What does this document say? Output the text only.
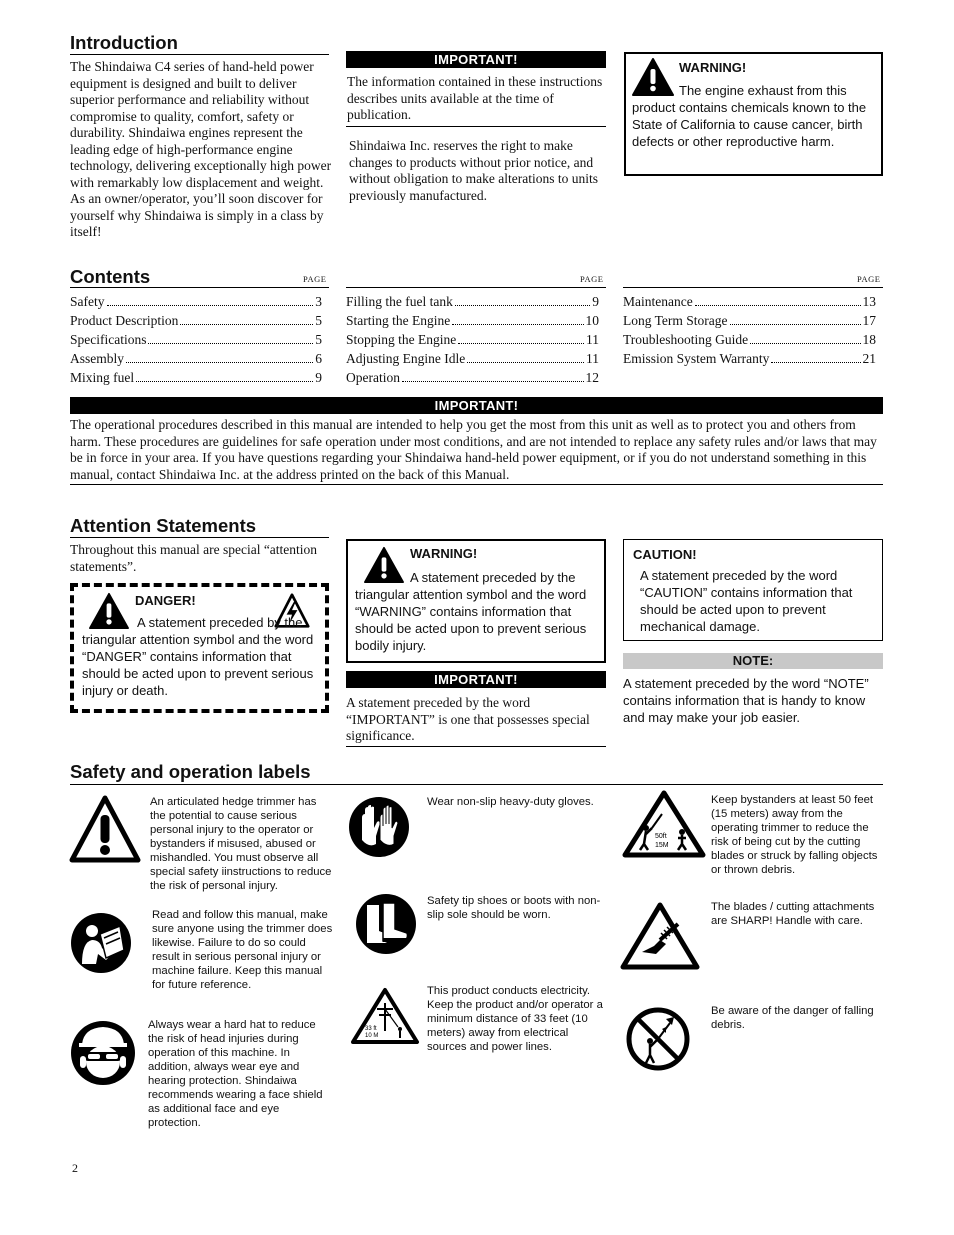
Introduction

The Shindaiwa C4 series of hand-held power equipment is designed and built to deliver superior performance and reliability without compromise to quality, comfort, safety or durability. Shindaiwa engines represent the leading edge of high-performance engine technology, delivering exceptionally high power with remarkably low displacement and weight. As an owner/operator, you’ll soon discover for yourself why Shindaiwa is simply in a class by itself!

IMPORTANT!

The information contained in these instructions describes units available at the time of publication.

Shindaiwa Inc. reserves the right to make changes to products without prior notice, and without obligation to make alterations to units previously manufactured.

WARNING!

The engine exhaust from this product contains chemicals known to the State of California to cause cancer, birth defects or other reproductive harm.

Contents	PAGE	PAGE	PAGE
Safety	3
Product Description	5
Specifications	5
Assembly	6
Mixing fuel	9
Filling the fuel tank	9
Starting the Engine	10
Stopping the Engine	11
Adjusting Engine Idle	11
Operation	12
Maintenance	13
Long Term Storage	17
Troubleshooting Guide	18
Emission System Warranty	21
IMPORTANT!

The operational procedures described in this manual are intended to help you get the most from this unit as well as to protect you and others from harm. These procedures are guidelines for safe operation under most conditions, and are not intended to replace any safety rules and/or laws that may be in force in your area. If you have questions regarding your Shindaiwa hand-held power equipment, or if you do not understand something in this manual, contact Shindaiwa Inc. at the address printed on the back of this Manual.

Attention Statements

Throughout this manual are special “attention statements”.

DANGER!

A statement preceded by the triangular attention symbol and the word “DANGER” contains information that should be acted upon to prevent serious injury or death.

WARNING!

A statement preceded by the triangular attention symbol and the word “WARNING” contains information that should be acted upon to prevent serious bodily injury.

IMPORTANT!

A statement preceded by the word “IMPORTANT” is one that possesses special significance.

CAUTION!

A statement preceded by the word “CAUTION” contains information that should be acted upon to prevent mechanical damage.

NOTE:

A statement preceded by the word “NOTE” contains information that is handy to know and may make your job easier.

Safety and operation labels

An articulated hedge trimmer has the potential to cause serious personal injury to the operator or bystanders if misused, abused or mishandled. You must observe all special safety iinstructions to reduce the risk of personal injury.

Read and follow this manual, make sure anyone using the trimmer does likewise. Failure to do so could result in serious personal injury or machine failure. Keep this manual for future reference.

Always wear a hard hat to reduce the risk of head injuries during operation of this machine. In addition, always wear eye and hearing protection. Shindaiwa recommends wearing a face shield as additional face and eye protection.

Wear non-slip heavy-duty gloves.

Safety tip shoes or boots with non-slip sole should be worn.

33 ft
10 M

This product conducts electricity. Keep the product and/or operator a minimum distance of 33 feet (10 meters) away from electrical sources and power lines.

50ft
15M

Keep bystanders at least 50 feet (15 meters) away from the operating trimmer to reduce the risk of being cut by the cutting blades or struck by falling objects or thrown debris.

The blades / cutting attachments are SHARP! Handle with care.

Be aware of the danger of falling debris.

2
